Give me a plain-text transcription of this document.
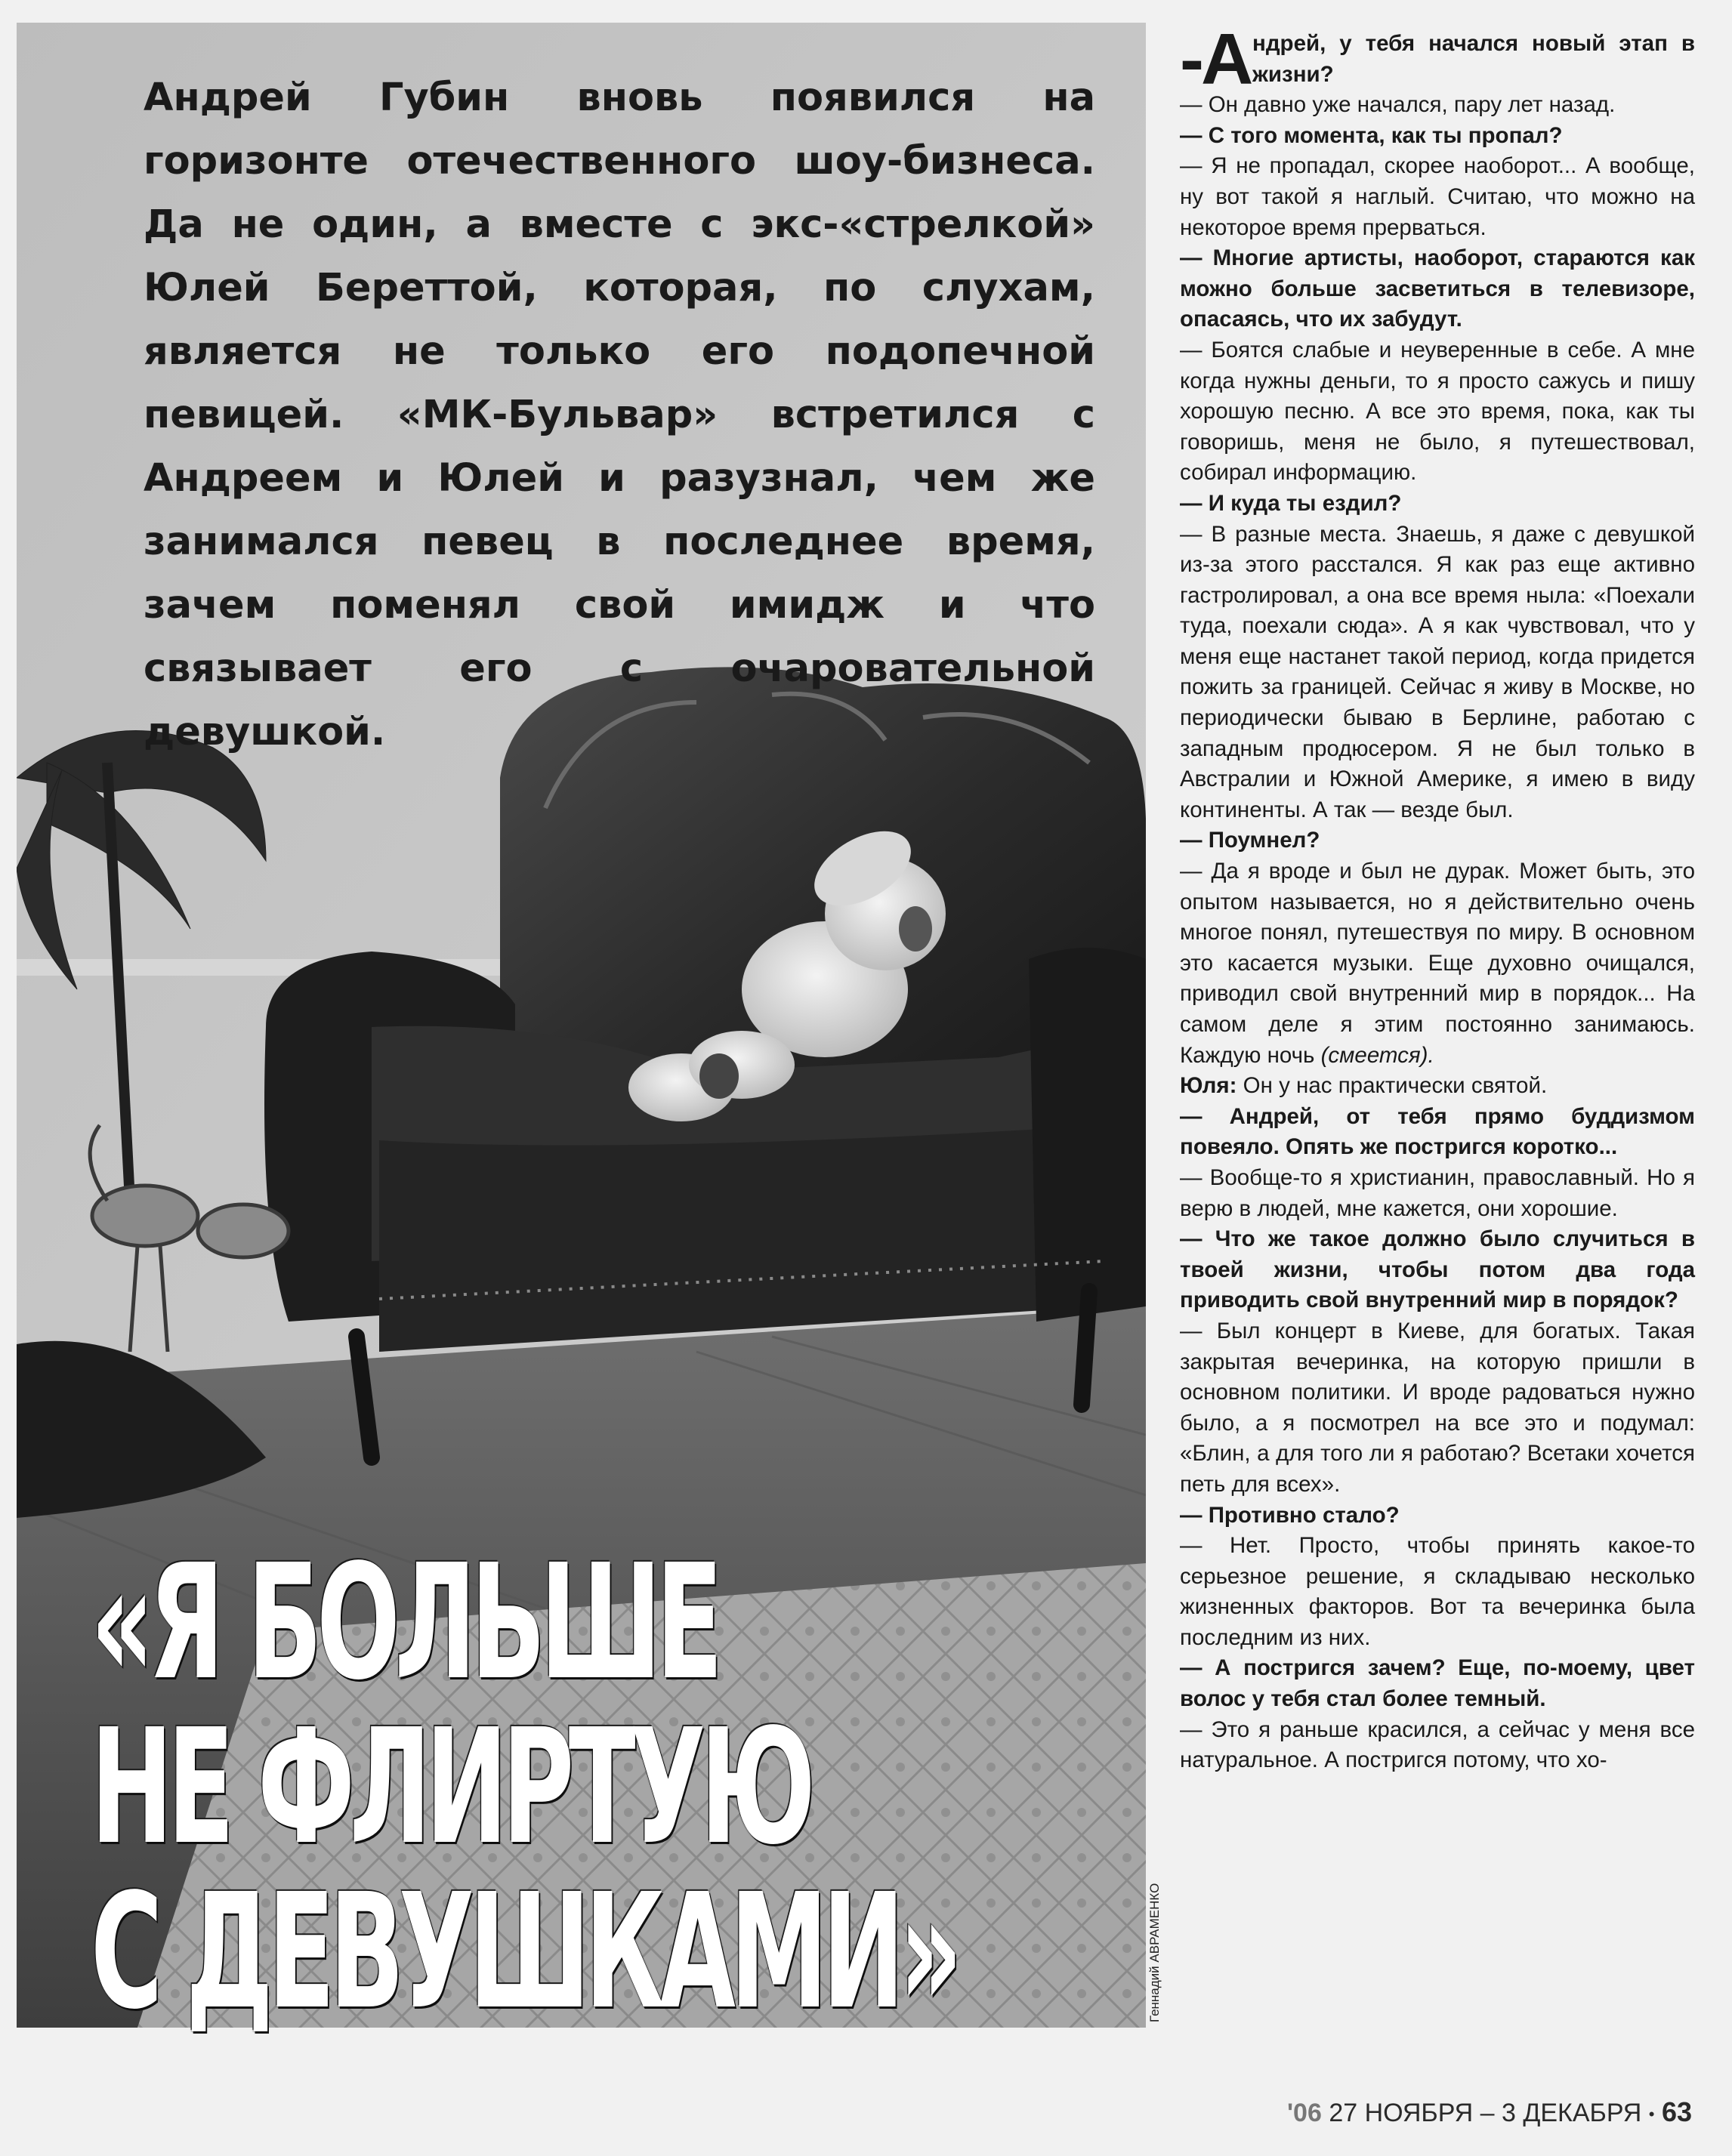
Андрей Губин вновь появился на горизонте отечественного шоу-бизнеса. Да не один, а вместе с экс-«стрелкой» Юлей Береттой, которая, по слухам, является не только его подопечной певицей. «МК-Бульвар» встретился с Андреем и Юлей и разузнал, чем же занимался певец в последнее время, зачем поменял свой имидж и что связывает его с очаровательной девушкой.

«Я БОЛЬШЕ
НЕ ФЛИРТУЮ
С ДЕВУШКАМИ»	Геннадий АВРАМЕНКО

-А ндрей, у тебя начался новый этап в жизни?

— Он давно уже начался, пару лет назад.

— С того момента, как ты пропал?

— Я не пропадал, скорее наоборот... А вообще, ну вот такой я наглый. Считаю, что можно на некоторое время прерваться.

— Многие артисты, наоборот, стараются как можно больше засветиться в телевизоре, опасаясь, что их забудут.

— Боятся слабые и неуверенные в себе. А мне когда нужны деньги, то я просто сажусь и пишу хорошую песню. А все это время, пока, как ты говоришь, меня не было, я путешествовал, собирал информацию.

— И куда ты ездил?

— В разные места. Знаешь, я даже с девушкой из-за этого расстался. Я как раз еще активно гастролировал, а она все время ныла: «Поехали туда, поехали сюда». А я как чувствовал, что у меня еще настанет такой период, когда придется пожить за границей. Сейчас я живу в Москве, но периодически бываю в Берлине, работаю с западным продюсером. Я не был только в Австралии и Южной Америке, я имею в виду континенты. А так — везде был.

— Поумнел?

— Да я вроде и был не дурак. Может быть, это опытом называется, но я действительно очень многое понял, путешествуя по миру. В основном это касается музыки. Еще духовно очищался, приводил свой внутренний мир в порядок... На самом деле я этим постоянно занимаюсь. Каждую ночь (смеется).

Юля: Он у нас практически святой.

— Андрей, от тебя прямо буддизмом повеяло. Опять же постригся коротко...

— Вообще-то я христианин, православный. Но я верю в людей, мне кажется, они хорошие.

— Что же такое должно было случиться в твоей жизни, чтобы потом два года приводить свой внутренний мир в порядок?

— Был концерт в Киеве, для богатых. Такая закрытая вечеринка, на которую пришли в основном политики. И вроде радоваться нужно было, а я посмотрел на все это и подумал: «Блин, а для того ли я работаю? Всетаки хочется петь для всех».

— Противно стало?

— Нет. Просто, чтобы принять какое-то серьезное решение, я складываю несколько жизненных факторов. Вот та вечеринка была последним из них.

— А постригся зачем? Еще, по-моему, цвет волос у тебя стал более темный.

— Это я раньше красился, а сейчас у меня все натуральное. А постригся потому, что хо-

'06 27 НОЯБРЯ – 3 ДЕКАБРЯ • 63
